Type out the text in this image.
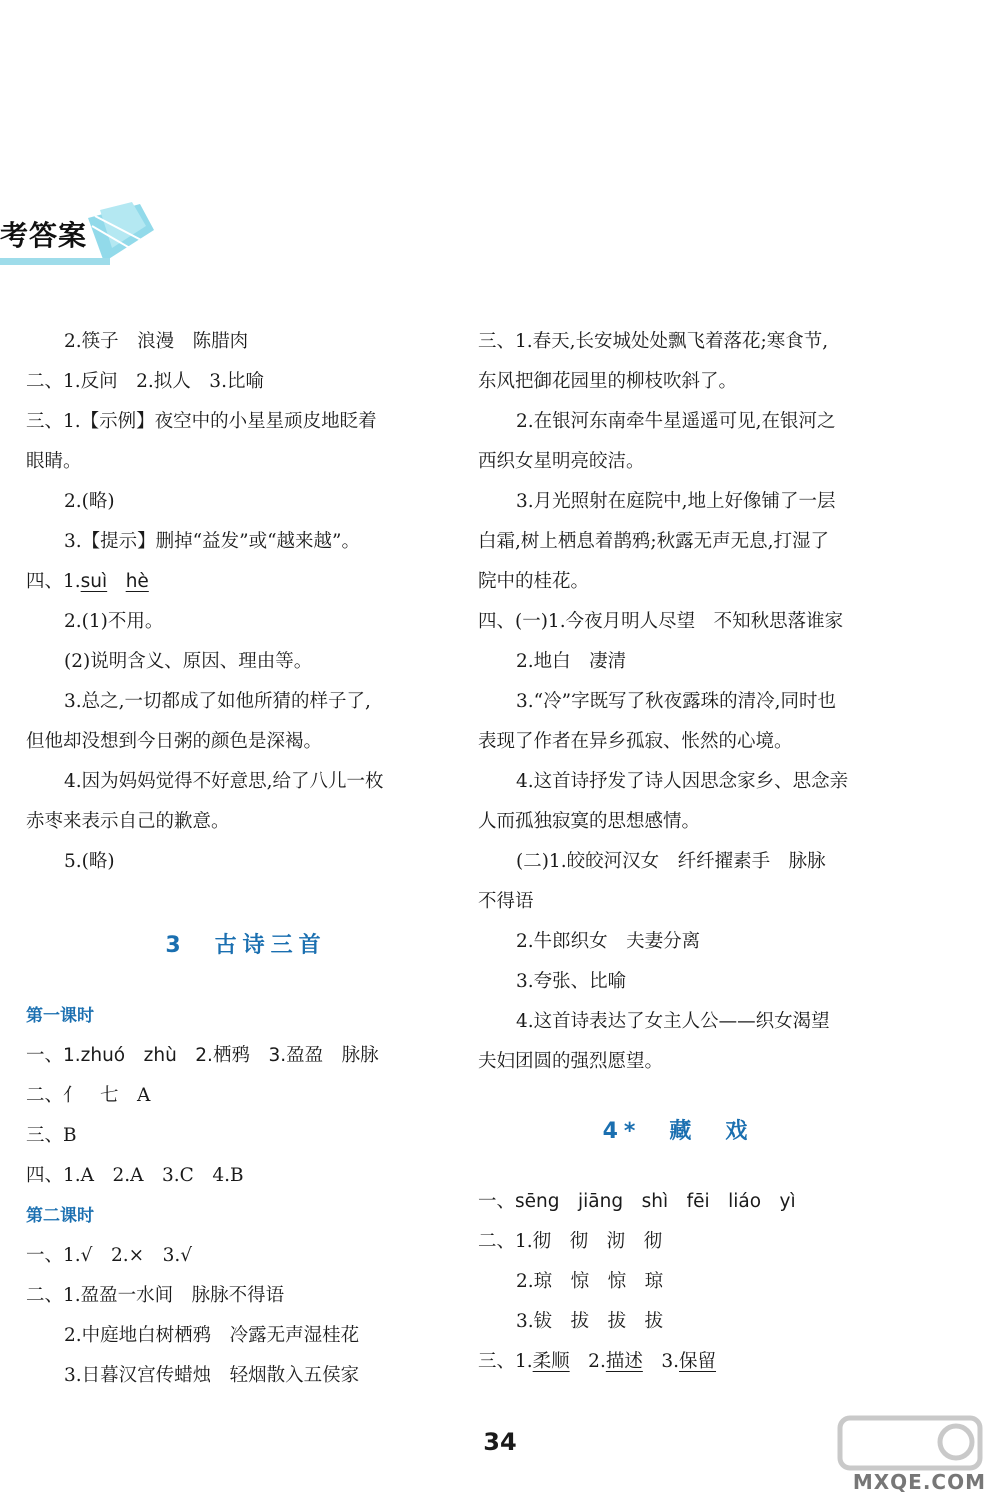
考答案
2.筷子　浪漫　陈腊肉
二、1.反问　2.拟人　3.比喻
三、1.【示例】夜空中的小星星顽皮地眨着
眼睛。
2.(略)
3.【提示】删掉“益发”或“越来越”。
四、1.suì　 hè
2.(1)不用。
(2)说明含义、原因、理由等。
3.总之,一切都成了如他所猜的样子了,
但他却没想到今日粥的颜色是深褐。
4.因为妈妈觉得不好意思,给了八儿一枚
赤枣来表示自己的歉意。
5.(略)
3　古诗三首
第一课时
一、1.zhuó　zhù　2.栖鸦　3.盈盈　脉脉
二、亻　七　A
三、B
四、1.A　2.A　3.C　4.B
第二课时
一、1.√　2.×　3.√
二、1.盈盈一水间　脉脉不得语
2.中庭地白树栖鸦　冷露无声湿桂花
3.日暮汉宫传蜡烛　轻烟散入五侯家
三、1.春天,长安城处处飘飞着落花;寒食节,
东风把御花园里的柳枝吹斜了。
2.在银河东南牵牛星遥遥可见,在银河之
西织女星明亮皎洁。
3.月光照射在庭院中,地上好像铺了一层
白霜,树上栖息着鹊鸦;秋露无声无息,打湿了
院中的桂花。
四、(一)1.今夜月明人尽望　不知秋思落谁家
2.地白　凄清
3.“冷”字既写了秋夜露珠的清冷,同时也
表现了作者在异乡孤寂、怅然的心境。
4.这首诗抒发了诗人因思念家乡、思念亲
人而孤独寂寞的思想感情。
(二)1.皎皎河汉女　纤纤擢素手　脉脉
不得语
2.牛郎织女　夫妻分离
3.夸张、比喻
4.这首诗表达了女主人公——织女渴望
夫妇团圆的强烈愿望。
4*　藏　戏
一、sēng　jiāng　shì　fēi　liáo　yì
二、1.彻　彻　沏　彻
2.琼　惊　惊　琼
3.钹　拔　拔　拔
三、1.柔顺　2.描述　3.保留
34
MXQE.COM
